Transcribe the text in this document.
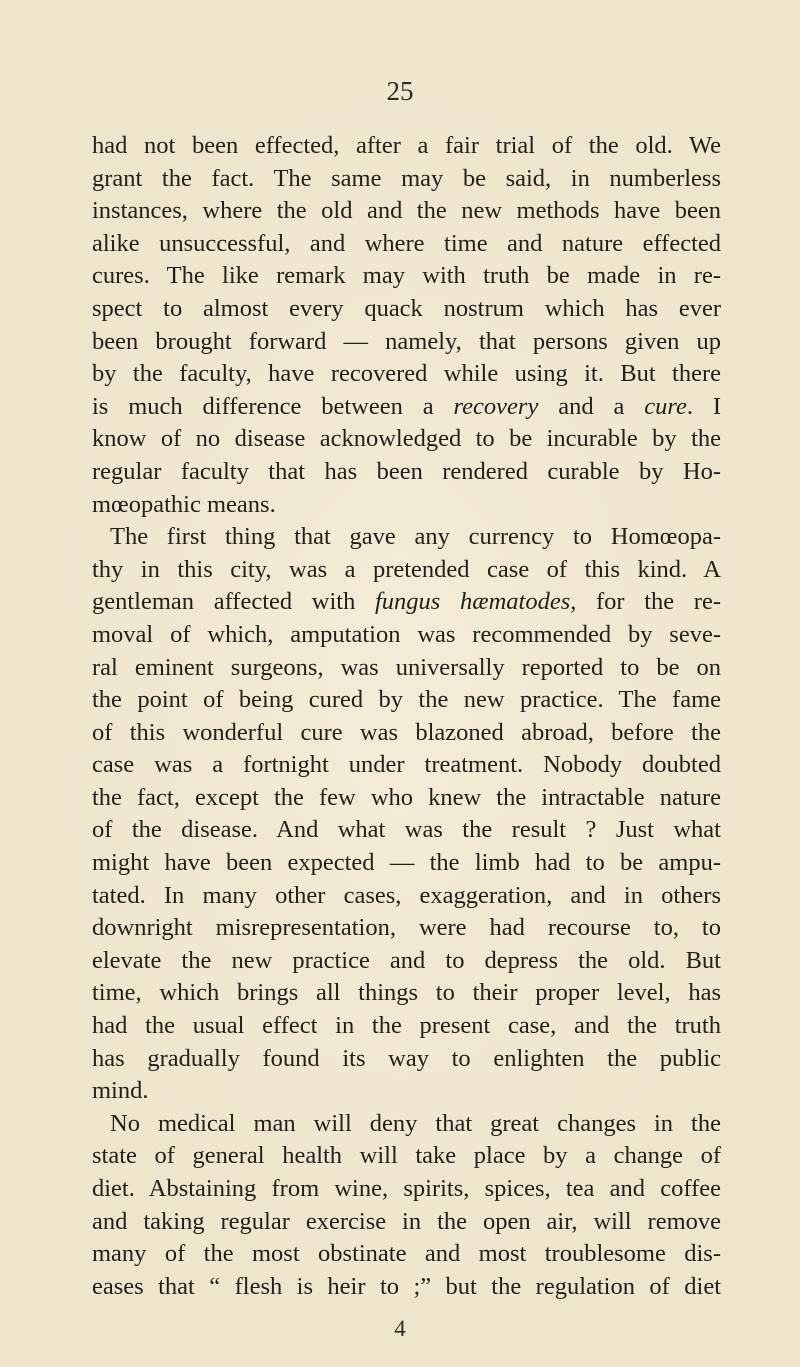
25
had not been effected, after a fair trial of the old. We
grant the fact. The same may be said, in numberless
instances, where the old and the new methods have been
alike unsuccessful, and where time and nature effected
cures. The like remark may with truth be made in re-
spect to almost every quack nostrum which has ever
been brought forward — namely, that persons given up
by the faculty, have recovered while using it. But there
is much difference between a recovery and a cure. I
know of no disease acknowledged to be incurable by the
regular faculty that has been rendered curable by Ho-
mœopathic means.
The first thing that gave any currency to Homœopa-
thy in this city, was a pretended case of this kind. A
gentleman affected with fungus hæmatodes, for the re-
moval of which, amputation was recommended by seve-
ral eminent surgeons, was universally reported to be on
the point of being cured by the new practice. The fame
of this wonderful cure was blazoned abroad, before the
case was a fortnight under treatment. Nobody doubted
the fact, except the few who knew the intractable nature
of the disease. And what was the result ? Just what
might have been expected — the limb had to be ampu-
tated. In many other cases, exaggeration, and in others
downright misrepresentation, were had recourse to, to
elevate the new practice and to depress the old. But
time, which brings all things to their proper level, has
had the usual effect in the present case, and the truth
has gradually found its way to enlighten the public
mind.
No medical man will deny that great changes in the
state of general health will take place by a change of
diet. Abstaining from wine, spirits, spices, tea and coffee
and taking regular exercise in the open air, will remove
many of the most obstinate and most troublesome dis-
eases that “ flesh is heir to ;” but the regulation of diet
4
